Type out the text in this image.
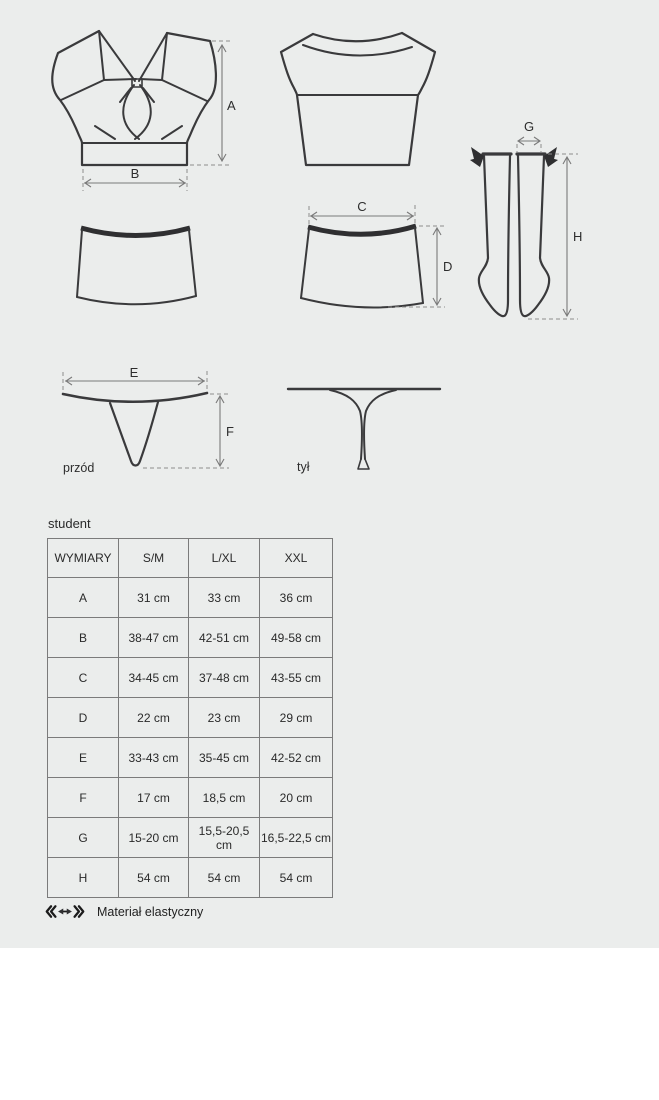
A
B
C
D
G
H
E
F
przód	tył
student
WYMIARY	S/M	L/XL	XXL
A	31 cm	33 cm	36 cm
B	38-47 cm	42-51 cm	49-58 cm
C	34-45 cm	37-48 cm	43-55 cm
D	22 cm	23 cm	29 cm
E	33-43 cm	35-45 cm	42-52 cm
F	17 cm	18,5 cm	20 cm
G	15-20 cm	15,5-20,5 cm	16,5-22,5 cm
H	54 cm	54 cm	54 cm
Materiał elastyczny
